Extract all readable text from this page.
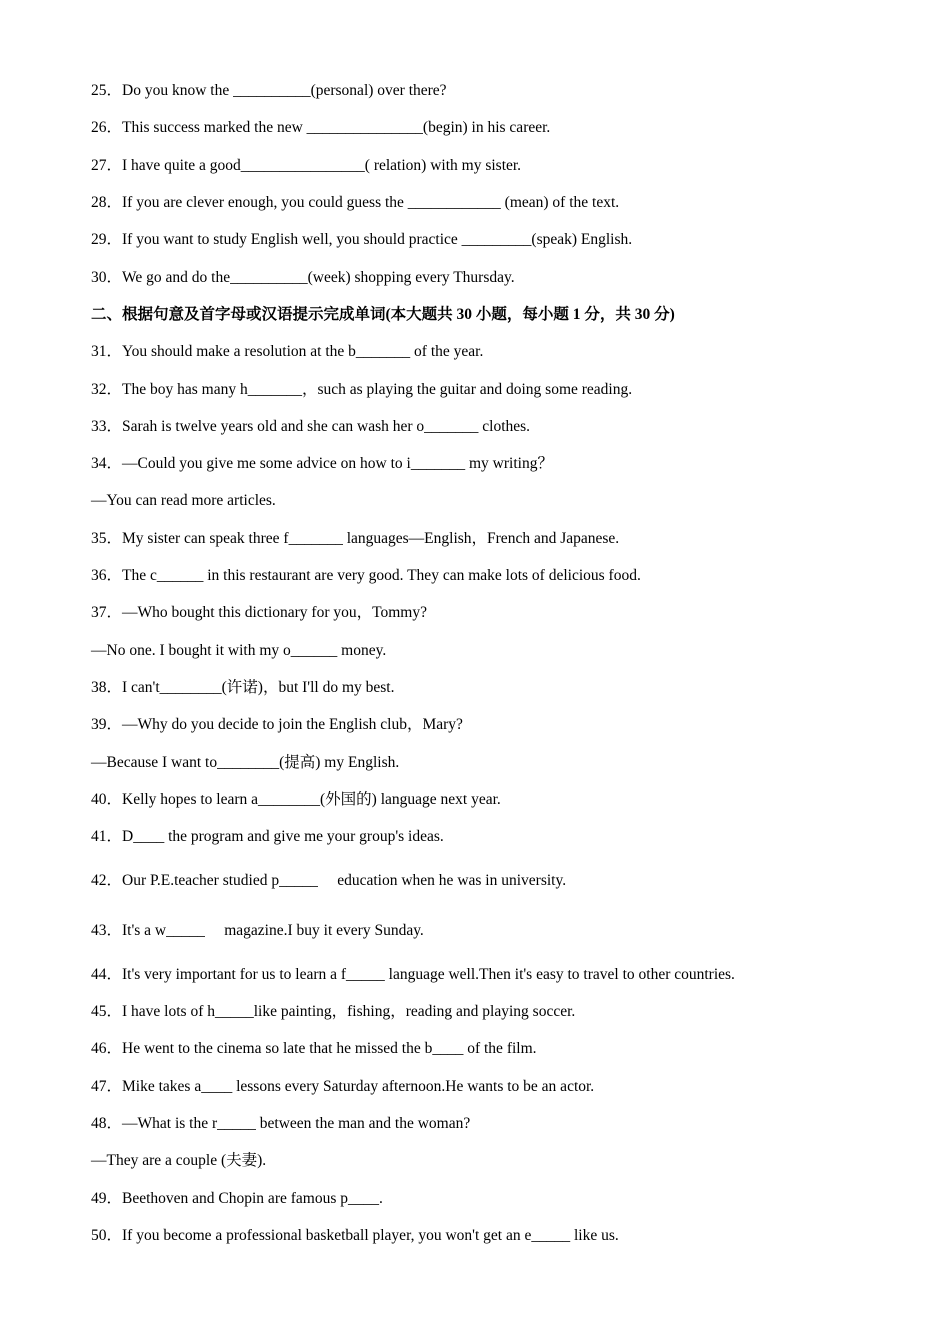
25．Do you know the __________(personal) over there?
26．This success marked the new _______________(begin) in his career.
27．I have quite a good________________( relation) with my sister.
28．If you are clever enough, you could guess the ____________ (mean) of the text.
29．If you want to study English well, you should practice _________(speak) English.
30．We go and do the__________(week) shopping every Thursday.
二、根据句意及首字母或汉语提示完成单词(本大题共 30 小题，每小题 1 分，共 30 分)
31．You should make a resolution at the b_______ of the year.
32．The boy has many h_______，such as playing the guitar and doing some reading.
33．Sarah is twelve years old and she can wash her o_______ clothes.
34．—Could you give me some advice on how to i_______ my writing？
—You can read more articles.
35．My sister can speak three f_______ languages—English，French and Japanese.
36．The c______ in this restaurant are very good. They can make lots of delicious food.
37．—Who bought this dictionary for you，Tommy?
—No one. I bought it with my o______ money.
38．I can't________(许诺)，but I'll do my best.
39．—Why do you decide to join the English club，Mary?
—Because I want to________(提高) my English.
40．Kelly hopes to learn a________(外国的) language next year.
41．D____ the program and give me your group's ideas.
42．Our P.E.teacher studied p_____     education when he was in university.
43．It's a w_____     magazine.I buy it every Sunday.
44．It's very important for us to learn a f_____ language well.Then it's easy to travel to other countries.
45．I have lots of h_____like painting，fishing，reading and playing soccer.
46．He went to the cinema so late that he missed the b____ of the film.
47．Mike takes a____ lessons every Saturday afternoon.He wants to be an actor.
48．—What is the r_____ between the man and the woman?
—They are a couple (夫妻).
49．Beethoven and Chopin are famous p____.
50．If you become a professional basketball player, you won't get an e_____ like us.
